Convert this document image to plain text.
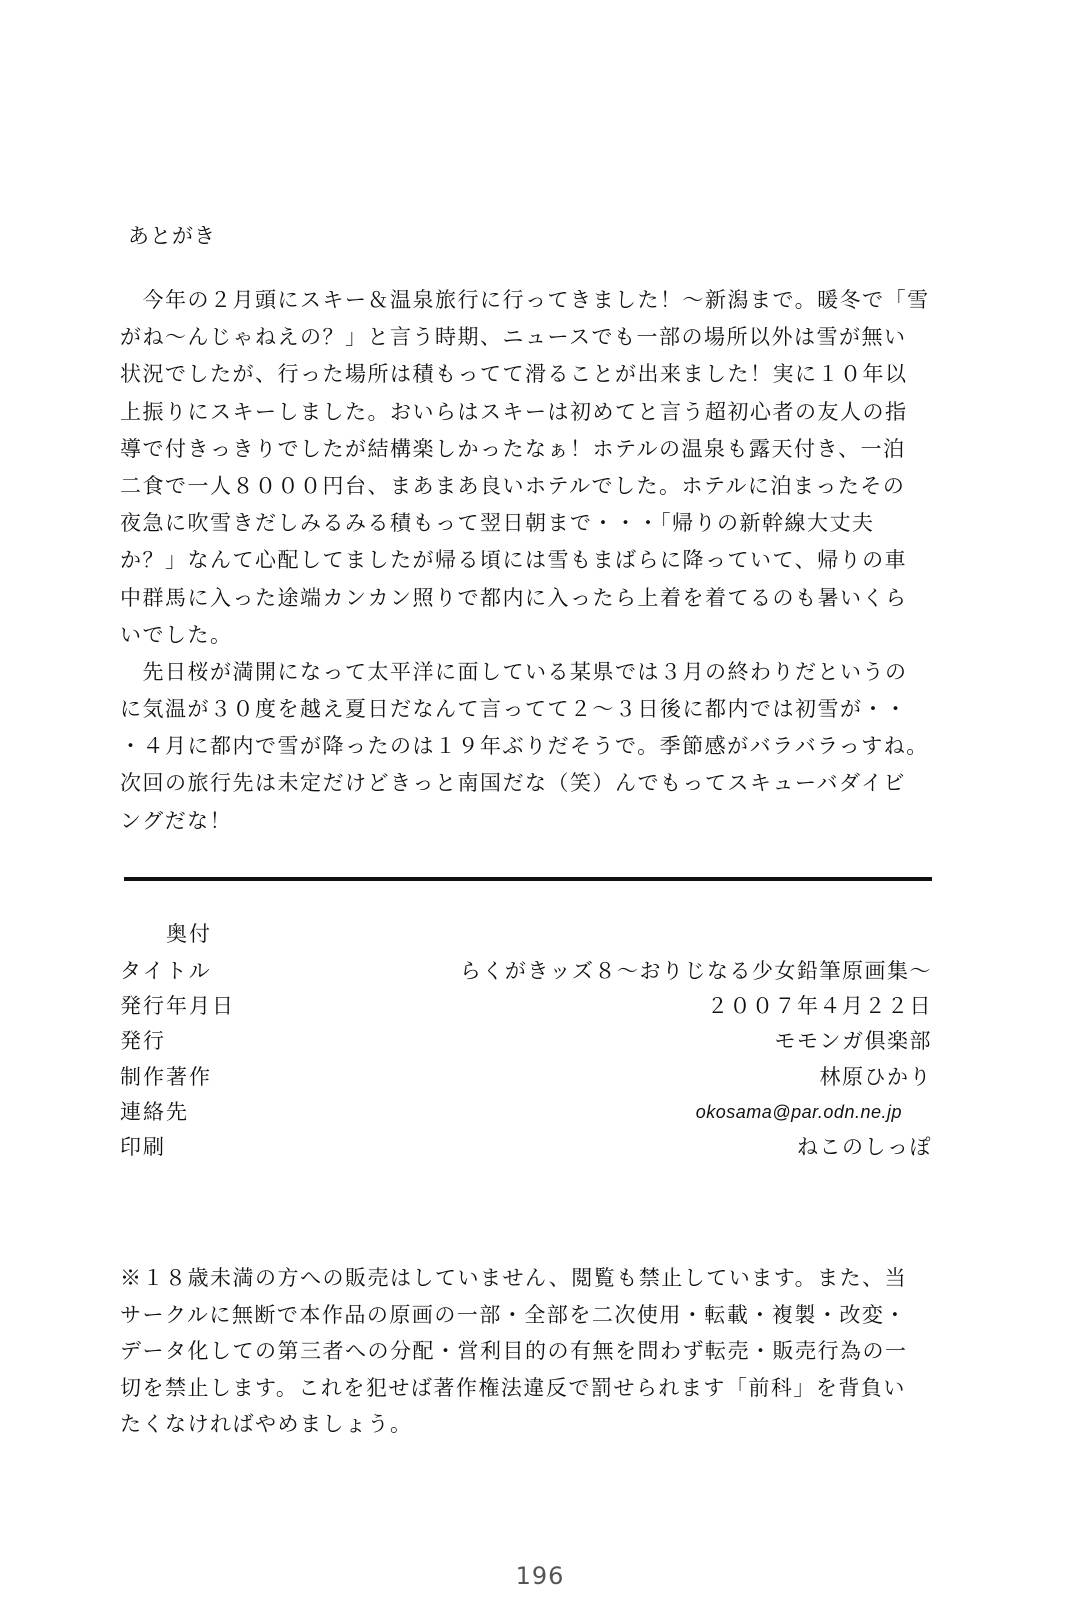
あとがき
　今年の２月頭にスキー＆温泉旅行に行ってきました！～新潟まで。暖冬で「雪
がね～んじゃねえの？」と言う時期、ニュースでも一部の場所以外は雪が無い
状況でしたが、行った場所は積もってて滑ることが出来ました！実に１０年以
上振りにスキーしました。おいらはスキーは初めてと言う超初心者の友人の指
導で付きっきりでしたが結構楽しかったなぁ！ホテルの温泉も露天付き、一泊
二食で一人８０００円台、まあまあ良いホテルでした。ホテルに泊まったその
夜急に吹雪きだしみるみる積もって翌日朝まで・・・「帰りの新幹線大丈夫
か？」なんて心配してましたが帰る頃には雪もまばらに降っていて、帰りの車
中群馬に入った途端カンカン照りで都内に入ったら上着を着てるのも暑いくら
いでした。
　先日桜が満開になって太平洋に面している某県では３月の終わりだというの
に気温が３０度を越え夏日だなんて言ってて２～３日後に都内では初雪が・・
・４月に都内で雪が降ったのは１９年ぶりだそうで。季節感がバラバラっすね。
次回の旅行先は未定だけどきっと南国だな（笑）んでもってスキューバダイビ
ングだな！
奥付
タイトル	らくがきッズ８～おりじなる少女鉛筆原画集～
発行年月日	２００７年４月２２日
発行	モモンガ倶楽部
制作著作	林原ひかり
連絡先	okosama@par.odn.ne.jp
印刷	ねこのしっぽ
※１８歳未満の方への販売はしていません、閲覧も禁止しています。また、当
サークルに無断で本作品の原画の一部・全部を二次使用・転載・複製・改変・
データ化しての第三者への分配・営利目的の有無を問わず転売・販売行為の一
切を禁止します。これを犯せば著作権法違反で罰せられます「前科」を背負い
たくなければやめましょう。
196
